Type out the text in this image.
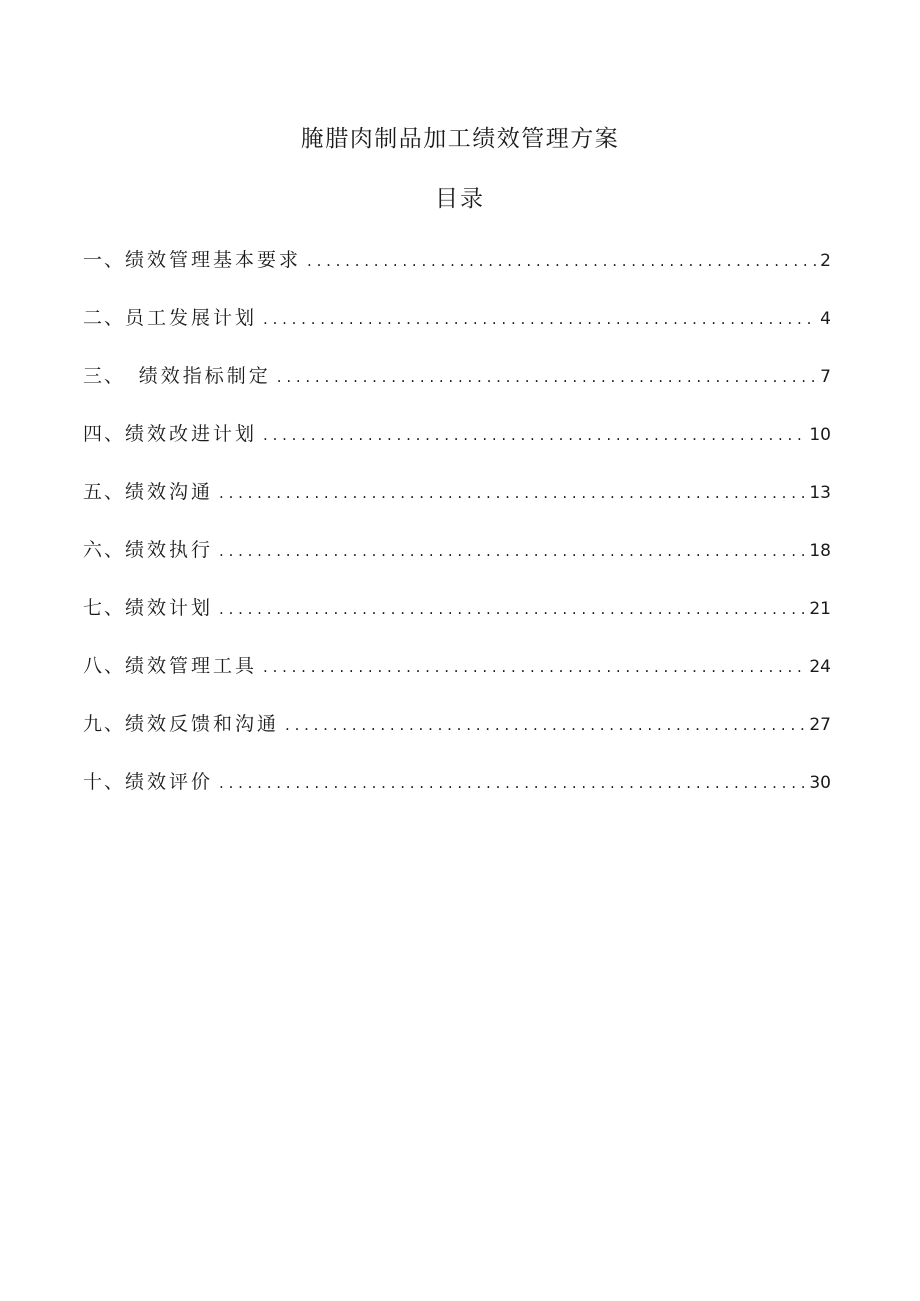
腌腊肉制品加工绩效管理方案
目录
一、 绩效管理基本要求 . . .	2
二、 员工发展计划 . . .	4
三、 绩效指标制定 . . .	7
四、 绩效改进计划 . . .	10
五、 绩效沟通 . . .	13
六、 绩效执行 . . .	18
七、 绩效计划 . . .	21
八、 绩效管理工具 . . .	24
九、 绩效反馈和沟通 . . .	27
十、 绩效评价 . . .	30
